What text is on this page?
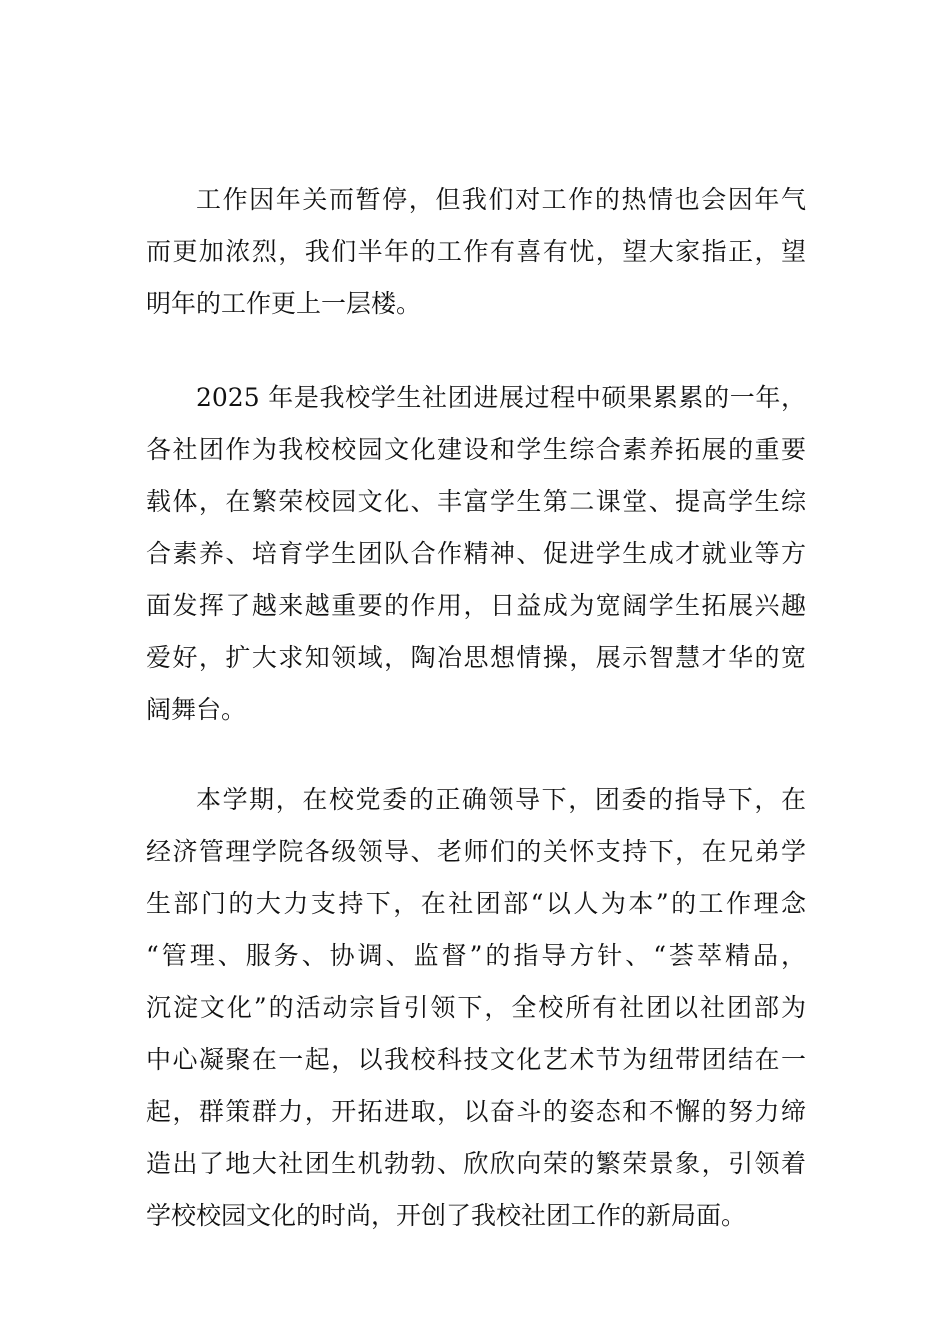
工作因年关而暂停，但我们对工作的热情也会因年气
而更加浓烈，我们半年的工作有喜有忧，望大家指正，望
明年的工作更上一层楼。
2025 年是我校学生社团进展过程中硕果累累的一年，
各社团作为我校校园文化建设和学生综合素养拓展的重要
载体，在繁荣校园文化、丰富学生第二课堂、提高学生综
合素养、培育学生团队合作精神、促进学生成才就业等方
面发挥了越来越重要的作用，日益成为宽阔学生拓展兴趣
爱好，扩大求知领域，陶冶思想情操，展示智慧才华的宽
阔舞台。
本学期，在校党委的正确领导下，团委的指导下，在
经济管理学院各级领导、老师们的关怀支持下，在兄弟学
生部门的大力支持下，在社团部“以人为本”的工作理念
“管理、服务、协调、监督”的指导方针、“荟萃精品，
沉淀文化”的活动宗旨引领下，全校所有社团以社团部为
中心凝聚在一起，以我校科技文化艺术节为纽带团结在一
起，群策群力，开拓进取，以奋斗的姿态和不懈的努力缔
造出了地大社团生机勃勃、欣欣向荣的繁荣景象，引领着
学校校园文化的时尚，开创了我校社团工作的新局面。
